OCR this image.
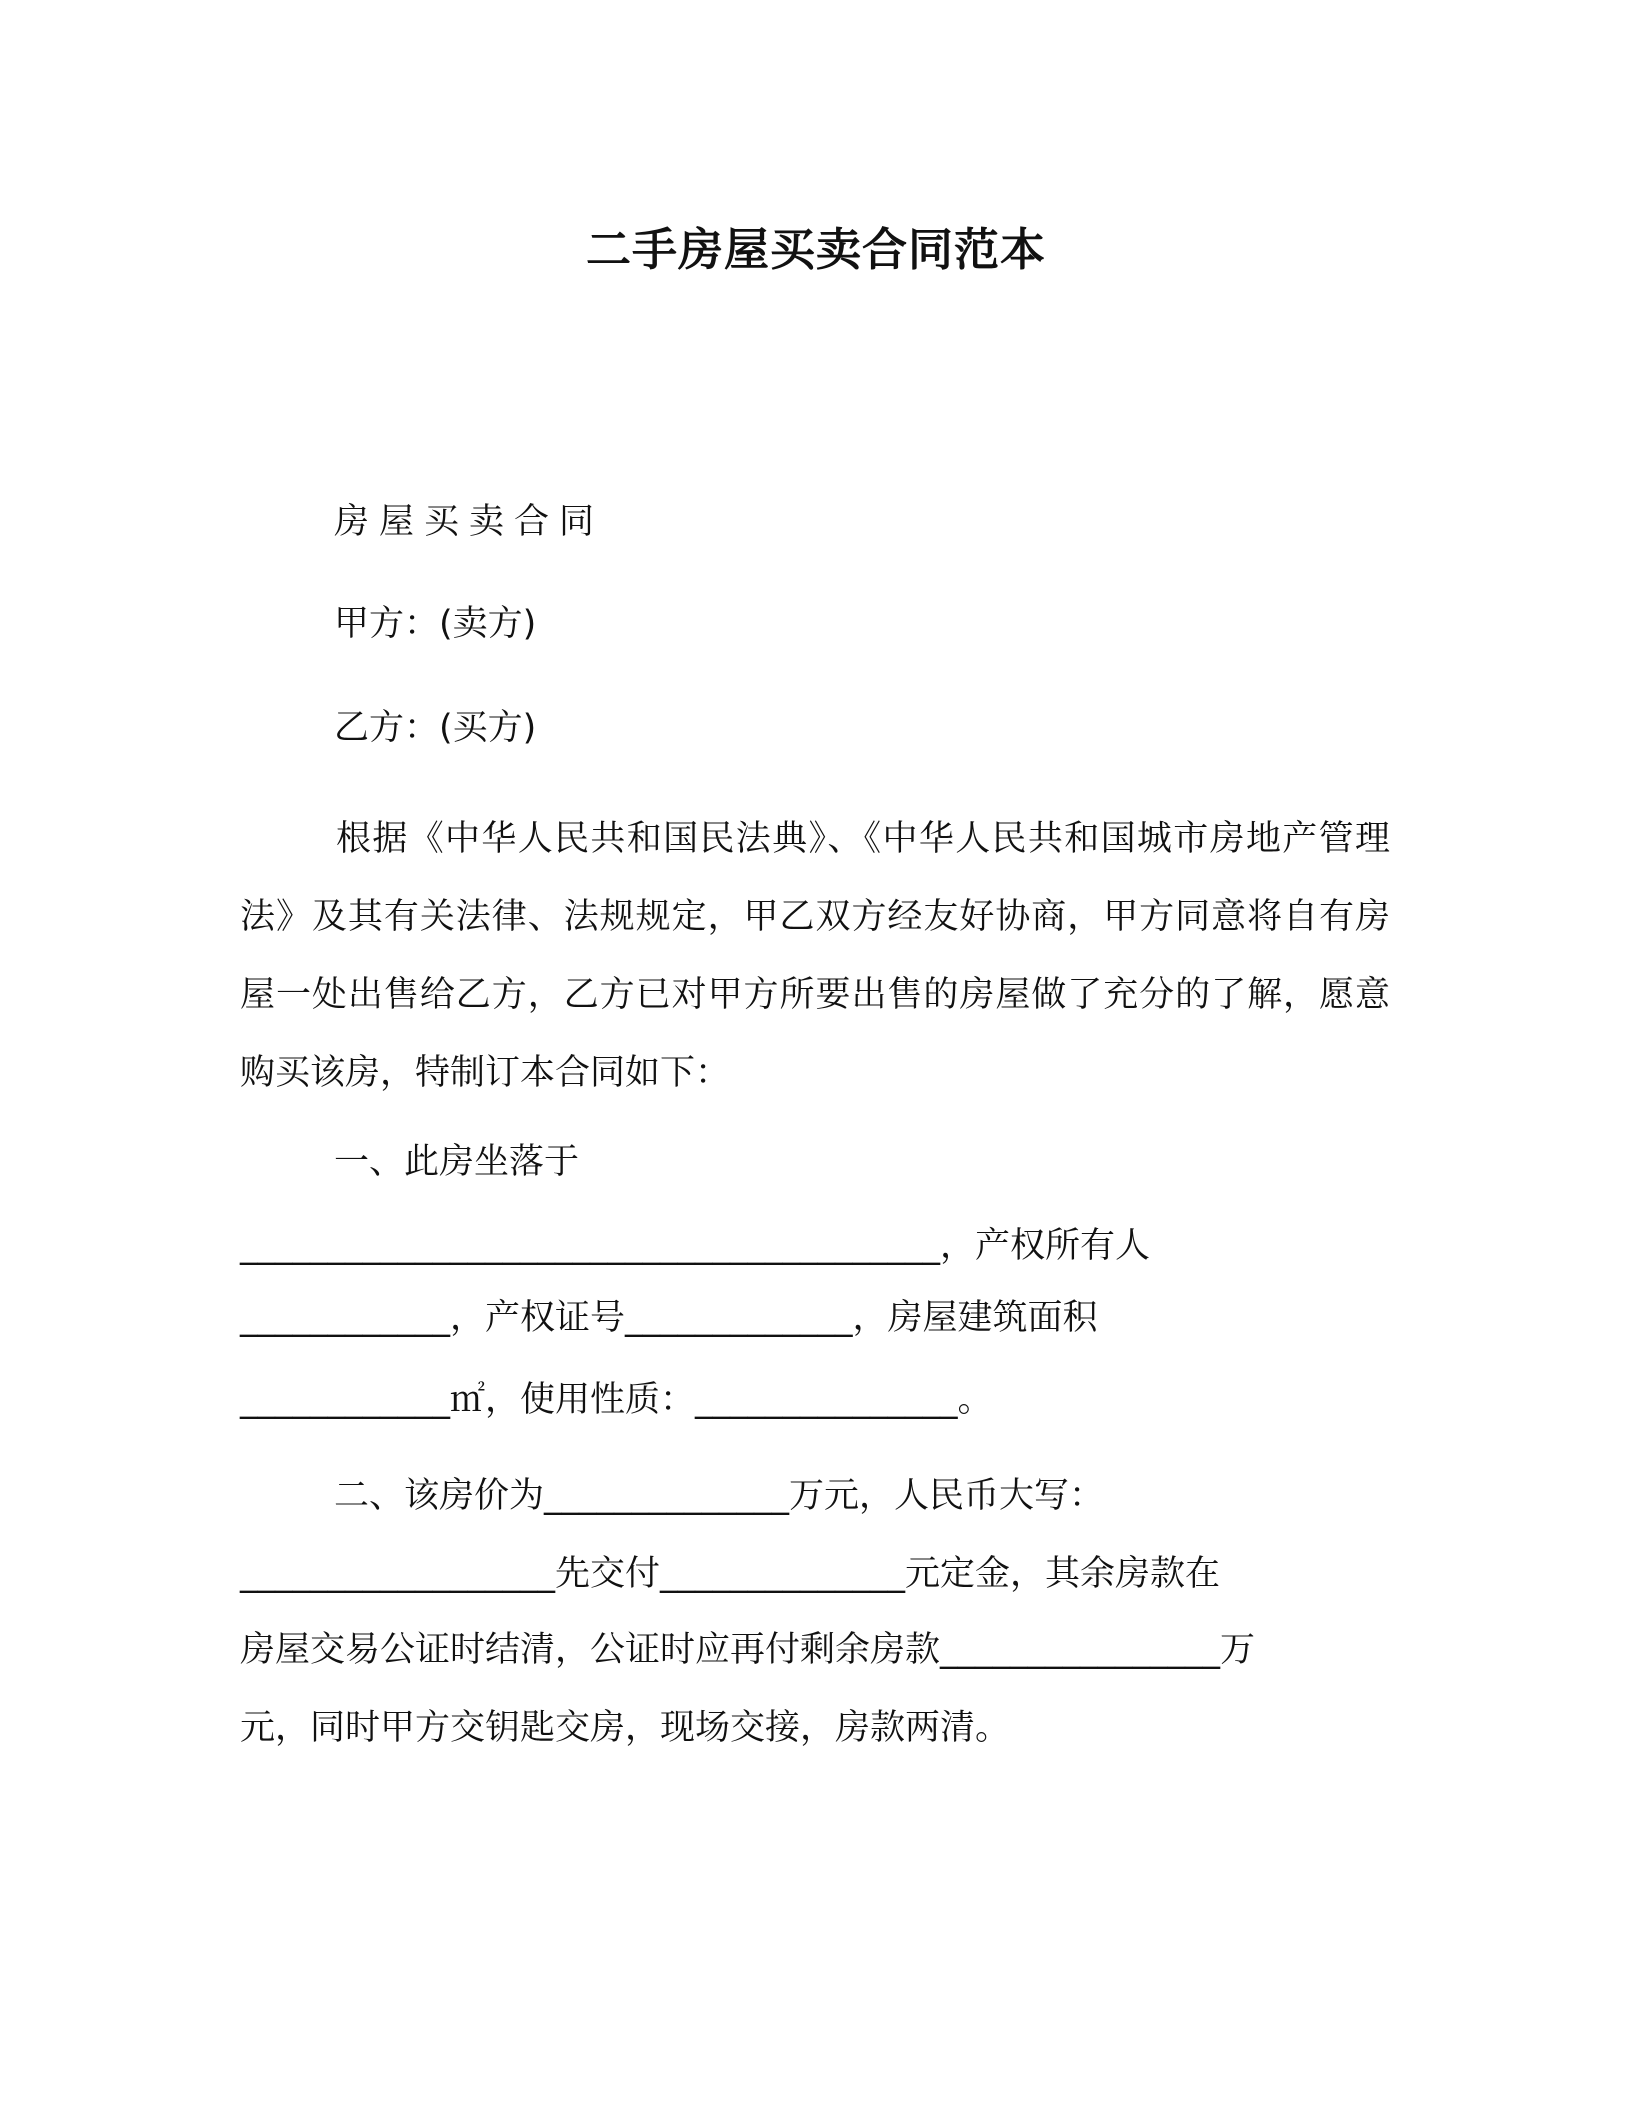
二手房屋买卖合同范本
房屋买卖合同
甲方：(卖方)
乙方：(买方)
根据《中华人民共和国民法典》、《中华人民共和国城市房地产管理法》及其有关法律、法规规定，甲乙双方经友好协商，甲方同意将自有房屋一处出售给乙方，乙方已对甲方所要出售的房屋做了充分的了解，愿意购买该房，特制订本合同如下：
一、此房坐落于
________________________________________，产权所有人
____________，产权证号_____________，房屋建筑面积
____________㎡，使用性质：_______________。
二、该房价为______________万元，人民币大写：
__________________先交付______________元定金，其余房款在
房屋交易公证时结清，公证时应再付剩余房款________________万
元，同时甲方交钥匙交房，现场交接，房款两清。
